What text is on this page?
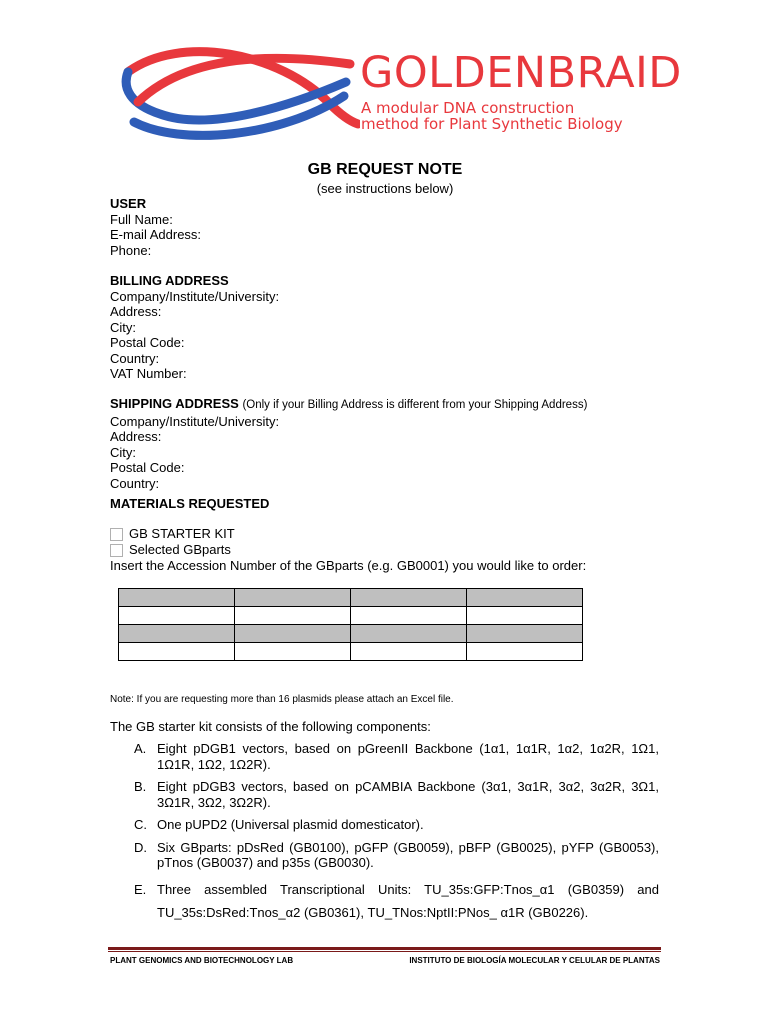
GOLDENBRAID
A modular DNA construction
method for Plant Synthetic Biology
GB REQUEST NOTE
(see instructions below)
USER
Full Name:
E-mail Address:
Phone:
BILLING ADDRESS
Company/Institute/University:
Address:
City:
Postal Code:
Country:
VAT Number:
SHIPPING ADDRESS (Only if your Billing Address is different from your Shipping Address)
Company/Institute/University:
Address:
City:
Postal Code:
Country:
MATERIALS REQUESTED
GB STARTER KIT
Selected GBparts
Insert the Accession Number of the GBparts (e.g. GB0001) you would like to order:

Note: If you are requesting more than 16 plasmids please attach an Excel file.
The GB starter kit consists of the following components:
A. Eight pDGB1 vectors, based on pGreenII Backbone (1α1, 1α1R, 1α2, 1α2R, 1Ω1, 1Ω1R, 1Ω2, 1Ω2R).
B. Eight pDGB3 vectors, based on pCAMBIA Backbone (3α1, 3α1R, 3α2, 3α2R, 3Ω1, 3Ω1R, 3Ω2, 3Ω2R).
C. One pUPD2 (Universal plasmid domesticator).
D. Six GBparts: pDsRed (GB0100), pGFP (GB0059), pBFP (GB0025), pYFP (GB0053), pTnos (GB0037) and p35s (GB0030).
E. Three assembled Transcriptional Units: TU_35s:GFP:Tnos_α1 (GB0359) and TU_35s:DsRed:Tnos_α2 (GB0361), TU_TNos:NptII:PNos_ α1R (GB0226).
PLANT GENOMICS AND BIOTECHNOLOGY LAB	INSTITUTO DE BIOLOGÍA MOLECULAR Y CELULAR DE PLANTAS
